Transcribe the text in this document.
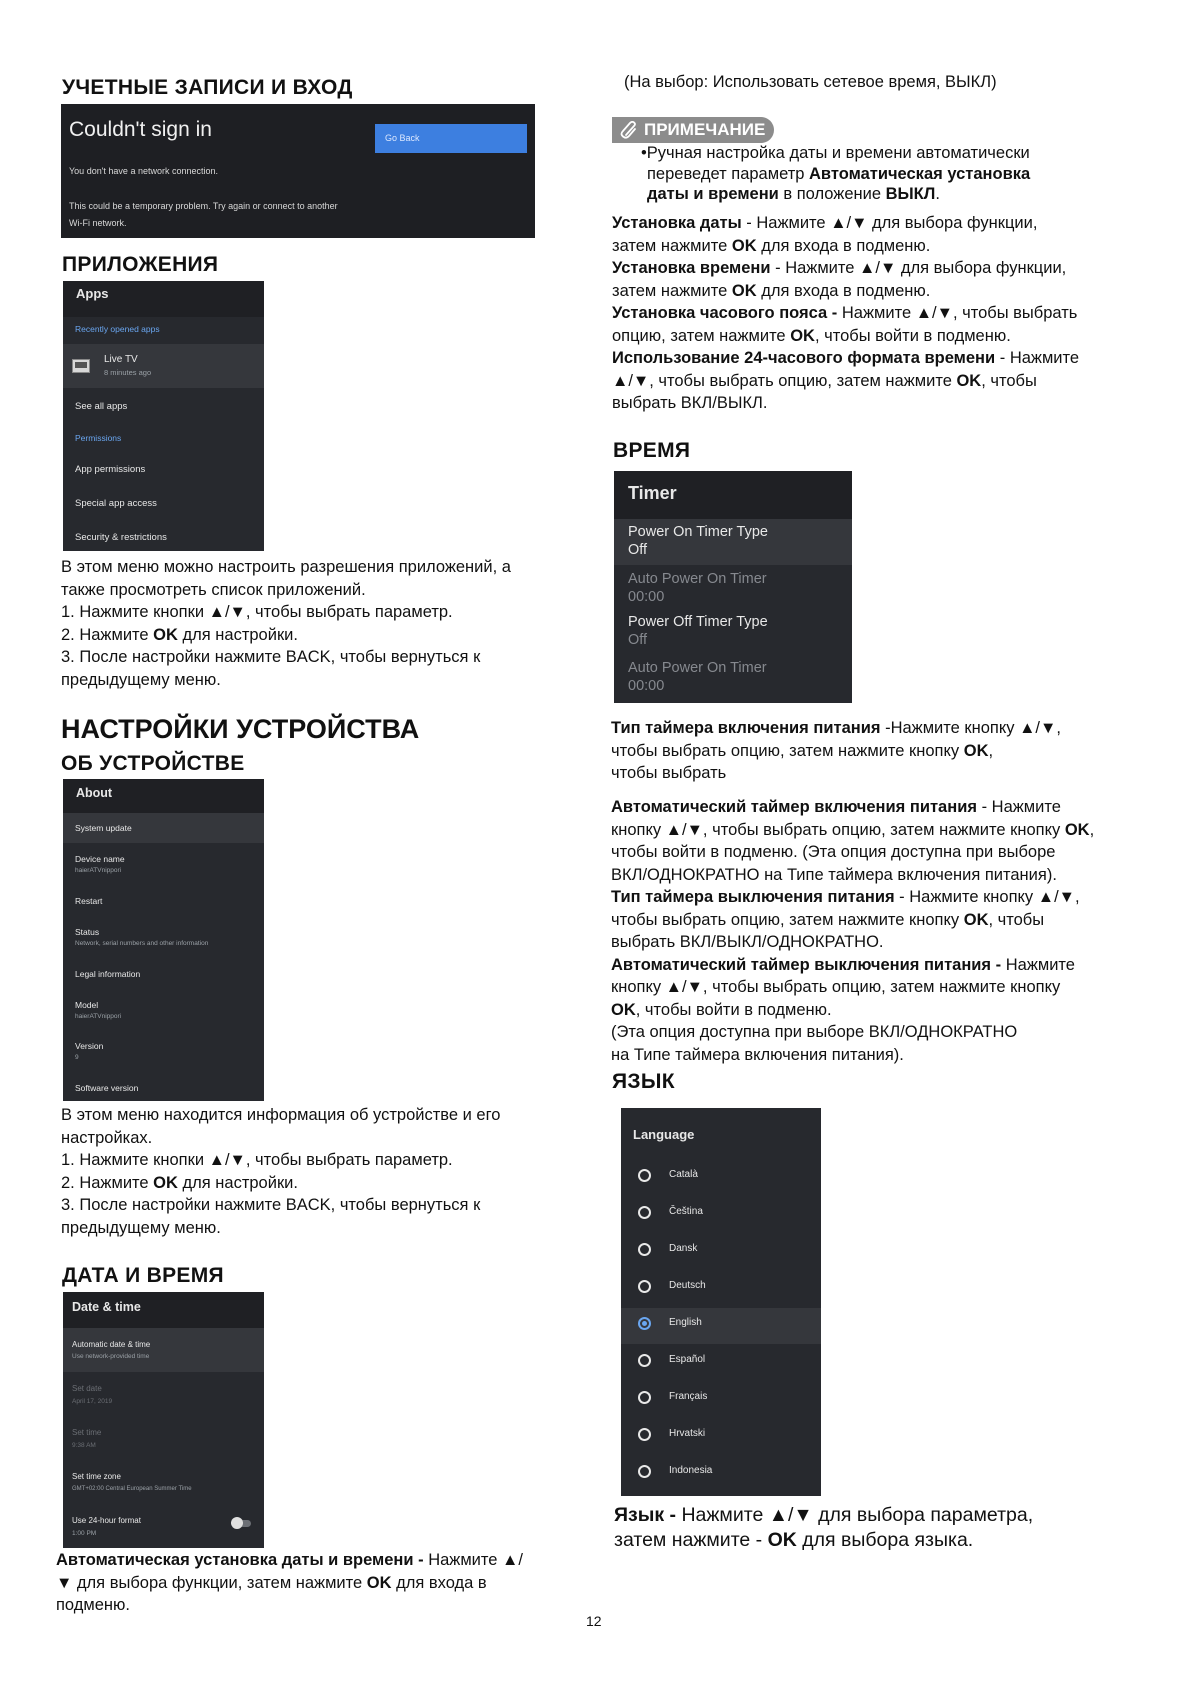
УЧЕТНЫЕ ЗАПИСИ И ВХОД
Couldn't sign in	Go Back
You don't have a network connection.
This could be a temporary problem. Try again or connect to another
Wi-Fi network.
ПРИЛОЖЕНИЯ
Apps
Recently opened apps
Live TV
8 minutes ago
See all apps
Permissions
App permissions
Special app access
Security & restrictions
В этом меню можно настроить разрешения приложений, а
также просмотреть список приложений.
1. Нажмите кнопки ▲/▼, чтобы выбрать параметр.
2. Нажмите OK для настройки.
3. После настройки нажмите BACK, чтобы вернуться к
предыдущему меню.
НАСТРОЙКИ УСТРОЙСТВА
ОБ УСТРОЙСТВЕ
About
System update
Device name
haierATVnippori
Restart
Status
Network, serial numbers and other information
Legal information
Model
haierATVnippori
Version
9
Software version
В этом меню находится информация об устройстве и его
настройках.
1. Нажмите кнопки ▲/▼, чтобы выбрать параметр.
2. Нажмите OK для настройки.
3. После настройки нажмите BACK, чтобы вернуться к
предыдущему меню.
ДАТА И ВРЕМЯ
Date & time
Automatic date & time
Use network-provided time
Set date
April 17, 2019
Set time
9:38 AM
Set time zone
GMT+02:00 Central European Summer Time
Use 24-hour format
1:00 PM
Автоматическая установка даты и времени - Нажмите ▲/
▼ для выбора функции, затем нажмите OK для входа в
подменю.
(На выбор: Использовать сетевое время, ВЫКЛ)
ПРИМЕЧАНИЕ
•Ручная настройка даты и времени автоматически
переведет параметр Автоматическая установка
даты и времени в положение ВЫКЛ.
Установка даты - Нажмите ▲/▼ для выбора функции,
затем нажмите OK для входа в подменю.
Установка времени - Нажмите ▲/▼ для выбора функции,
затем нажмите OK для входа в подменю.
Установка часового пояса - Нажмите ▲/▼, чтобы выбрать
опцию, затем нажмите OK, чтобы войти в подменю.
Использование 24-часового формата времени - Нажмите
▲/▼, чтобы выбрать опцию, затем нажмите OK, чтобы
выбрать ВКЛ/ВЫКЛ.
ВРЕМЯ
Timer
Power On Timer Type
Off
Auto Power On Timer
00:00
Power Off Timer Type
Off
Auto Power On Timer
00:00
Тип таймера включения питания -Нажмите кнопку ▲/▼,
чтобы выбрать опцию, затем нажмите кнопку OK,
чтобы выбрать
Автоматический таймер включения питания - Нажмите
кнопку ▲/▼, чтобы выбрать опцию, затем нажмите кнопку OK,
чтобы войти в подменю. (Эта опция доступна при выборе
ВКЛ/ОДНОКРАТНО на Типе таймера включения питания).
Тип таймера выключения питания - Нажмите кнопку ▲/▼,
чтобы выбрать опцию, затем нажмите кнопку OK, чтобы
выбрать ВКЛ/ВЫКЛ/ОДНОКРАТНО.
Автоматический таймер выключения питания - Нажмите
кнопку ▲/▼, чтобы выбрать опцию, затем нажмите кнопку
OK, чтобы войти в подменю.
(Эта опция доступна при выборе ВКЛ/ОДНОКРАТНО
на Типе таймера включения питания).
ЯЗЫК
Language
Català
Čeština
Dansk
Deutsch
English
Español
Français
Hrvatski
Indonesia
Язык - Нажмите ▲/▼ для выбора параметра,
затем нажмите - OK для выбора языка.
12
